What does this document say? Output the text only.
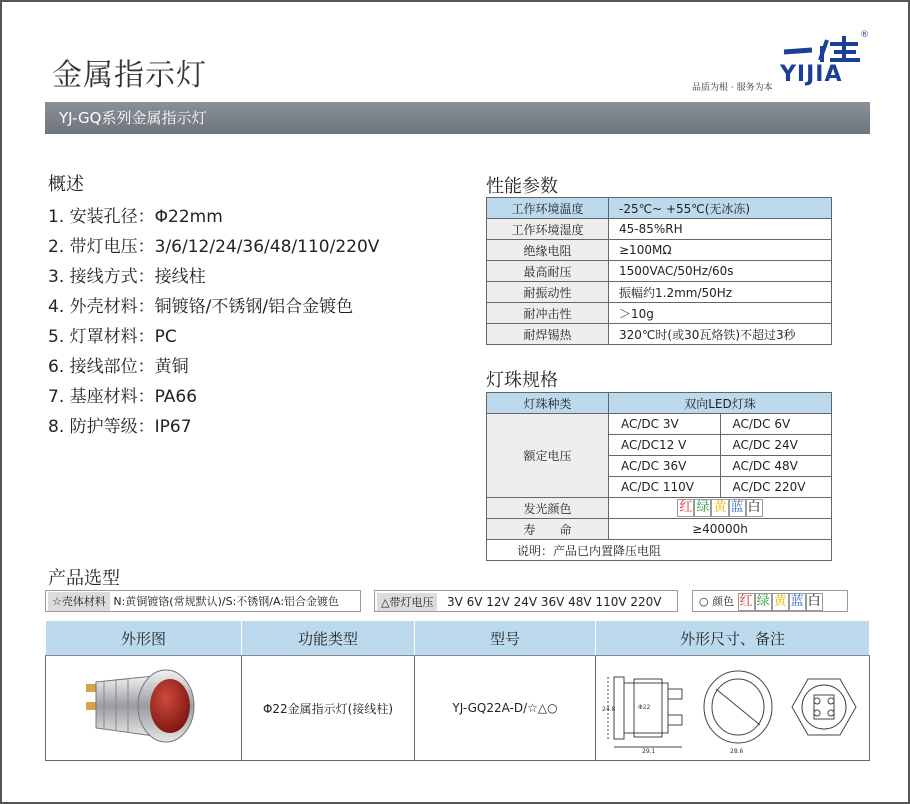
金属指示灯
®
YIJIA
品质为根 · 服务为本
YJ-GQ系列金属指示灯
概述
1. 安装孔径：Φ22mm
2. 带灯电压：3/6/12/24/36/48/110/220V
3. 接线方式：接线柱
4. 外壳材料：铜镀铬/不锈钢/铝合金镀色
5. 灯罩材料：PC
6. 接线部位：黄铜
7. 基座材料：PA66
8. 防护等级：IP67
性能参数
工作环境温度	-25℃~ +55℃(无冰冻)
工作环境湿度	45-85%RH
绝缘电阻	≥100MΩ
最高耐压	1500VAC/50Hz/60s
耐振动性	振幅约1.2mm/50Hz
耐冲击性	＞10g
耐焊锡热	320℃时(或30瓦烙铁)不超过3秒
灯珠规格
灯珠种类	双向LED灯珠	
额定电压	AC/DC 3V	AC/DC 6V
	AC/DC12 V	AC/DC 24V
	AC/DC 36V	AC/DC 48V
	AC/DC 110V	AC/DC 220V
发光颜色	红 绿 黄 蓝 白	
寿　　命	≥40000h	
说明：产品已内置降压电阻		
产品选型
☆壳体材料 N:黄铜镀铬(常规默认)/S:不锈钢/A:铝合金镀色	△带灯电压 3V 6V 12V 24V 36V 48V 110V 220V	○ 颜色 红 绿 黄 蓝 白
外形图	功能类型	型号	外形尺寸、备注
	Φ22金属指示灯(接线柱)	YJ-GQ22A-D/☆△○	24.8 Φ22
29.1 28.6
